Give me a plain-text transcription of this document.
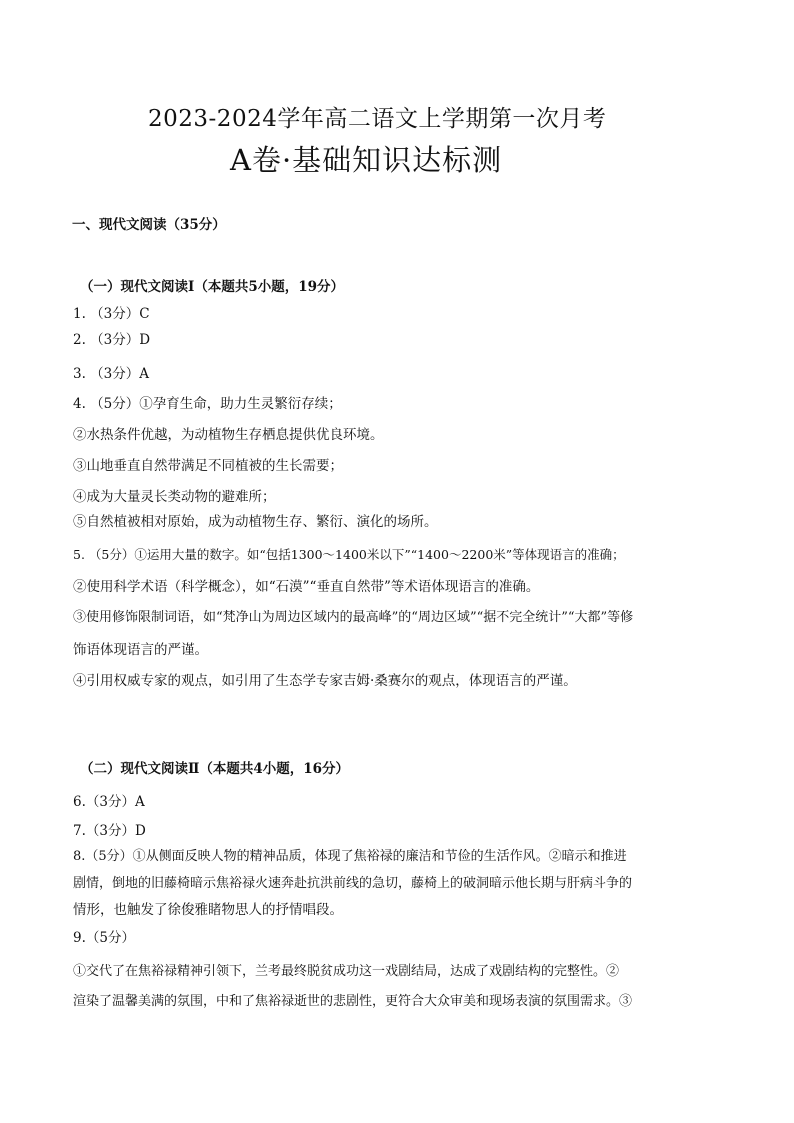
2023-2024学年高二语文上学期第一次月考
A卷·基础知识达标测
一、现代文阅读（35分）
（一）现代文阅读Ⅰ（本题共5小题，19分）
1. （3分）C
2. （3分）D
3. （3分）A
4. （5分）①孕育生命，助力生灵繁衍存续；
②水热条件优越，为动植物生存栖息提供优良环境。
③山地垂直自然带满足不同植被的生长需要；
④成为大量灵长类动物的避难所；
⑤自然植被相对原始，成为动植物生存、繁衍、演化的场所。
5. （5分）①运用大量的数字。如“包括1300～1400米以下”“1400～2200米”等体现语言的准确；
②使用科学术语（科学概念），如“石漠”“垂直自然带”等术语体现语言的准确。
③使用修饰限制词语，如“梵净山为周边区域内的最高峰”的“周边区域”“据不完全统计”“大都”等修
饰语体现语言的严谨。
④引用权威专家的观点，如引用了生态学专家吉姆·桑赛尔的观点，体现语言的严谨。
（二）现代文阅读Ⅱ（本题共4小题，16分）
6.（3分）A
7.（3分）D
8.（5分）①从侧面反映人物的精神品质，体现了焦裕禄的廉洁和节俭的生活作风。②暗示和推进
剧情，倒地的旧藤椅暗示焦裕禄火速奔赴抗洪前线的急切，藤椅上的破洞暗示他长期与肝病斗争的
情形，也触发了徐俊雅睹物思人的抒情唱段。
9.（5分）
①交代了在焦裕禄精神引领下，兰考最终脱贫成功这一戏剧结局，达成了戏剧结构的完整性。②
渲染了温馨美满的氛围，中和了焦裕禄逝世的悲剧性，更符合大众审美和现场表演的氛围需求。③
